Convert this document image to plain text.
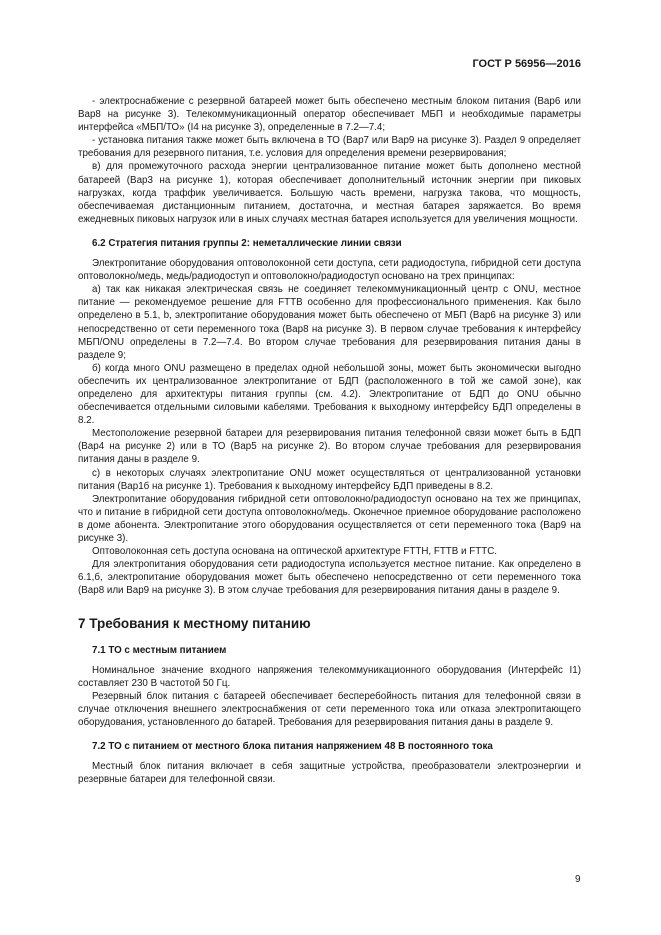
ГОСТ Р 56956—2016

- электроснабжение с резервной батареей может быть обеспечено местным блоком питания (Вар6 или Вар8 на рисунке 3). Телекоммуникационный оператор обеспечивает МБП и необходимые параметры интерфейса «МБП/ТО» (I4 на рисунке 3), определенные в 7.2—7.4;

- установка питания также может быть включена в ТО (Вар7 или Вар9 на рисунке 3). Раздел 9 определяет требования для резервного питания, т.е. условия для определения времени резервирования;

в) для промежуточного расхода энергии централизованное питание может быть дополнено местной батареей (Вар3 на рисунке 1), которая обеспечивает дополнительный источник энергии при пиковых нагрузках, когда траффик увеличивается. Большую часть времени, нагрузка такова, что мощность, обеспечиваемая дистанционным питанием, достаточна, и местная батарея заряжается. Во время ежедневных пиковых нагрузок или в иных случаях местная батарея используется для увеличения мощности.

6.2 Стратегия питания группы 2: неметаллические линии связи

Электропитание оборудования оптоволоконной сети доступа, сети радиодоступа, гибридной сети доступа оптоволокно/медь, медь/радиодоступ и оптоволокно/радиодоступ основано на трех принципах:

а) так как никакая электрическая связь не соединяет телекоммуникационный центр с ONU, местное питание — рекомендуемое решение для FTTB особенно для профессионального применения. Как было определено в 5.1, b, электропитание оборудования может быть обеспечено от МБП (Вар6 на рисунке 3) или непосредственно от сети переменного тока (Вар8 на рисунке 3). В первом случае требования к интерфейсу МБП/ONU определены в 7.2—7.4. Во втором случае требования для резервирования питания даны в разделе 9;

б) когда много ONU размещено в пределах одной небольшой зоны, может быть экономически выгодно обеспечить их централизованное электропитание от БДП (расположенного в той же самой зоне), как определено для архитектуры питания группы (см. 4.2). Электропитание от БДП до ONU обычно обеспечивается отдельными силовыми кабелями. Требования к выходному интерфейсу БДП определены в 8.2.

Местоположение резервной батареи для резервирования питания телефонной связи может быть в БДП (Вар4 на рисунке 2) или в ТО (Вар5 на рисунке 2). Во втором случае требования для резервирования питания даны в разделе 9.

с) в некоторых случаях электропитание ONU может осуществляться от централизованной установки питания (Вар1б на рисунке 1). Требования к выходному интерфейсу БДП приведены в 8.2.

Электропитание оборудования гибридной сети оптоволокно/радиодоступ основано на тех же принципах, что и питание в гибридной сети доступа оптоволокно/медь. Оконечное приемное оборудование расположено в доме абонента. Электропитание этого оборудования осуществляется от сети переменного тока (Вар9 на рисунке 3).

Оптоволоконная сеть доступа основана на оптической архитектуре FTTH, FTTB и FTTC.

Для электропитания оборудования сети радиодоступа используется местное питание. Как определено в 6.1,б, электропитание оборудования может быть обеспечено непосредственно от сети переменного тока (Вар8 или Вар9 на рисунке 3). В этом случае требования для резервирования питания даны в разделе 9.

7 Требования к местному питанию
7.1 ТО с местным питанием

Номинальное значение входного напряжения телекоммуникационного оборудования (Интерфейс I1) составляет 230 В частотой 50 Гц.

Резервный блок питания с батареей обеспечивает бесперебойность питания для телефонной связи в случае отключения внешнего электроснабжения от сети переменного тока или отказа электропитающего оборудования, установленного до батарей. Требования для резервирования питания даны в разделе 9.

7.2 ТО с питанием от местного блока питания напряжением 48 В постоянного тока

Местный блок питания включает в себя защитные устройства, преобразователи электроэнергии и резервные батареи для телефонной связи.

9
